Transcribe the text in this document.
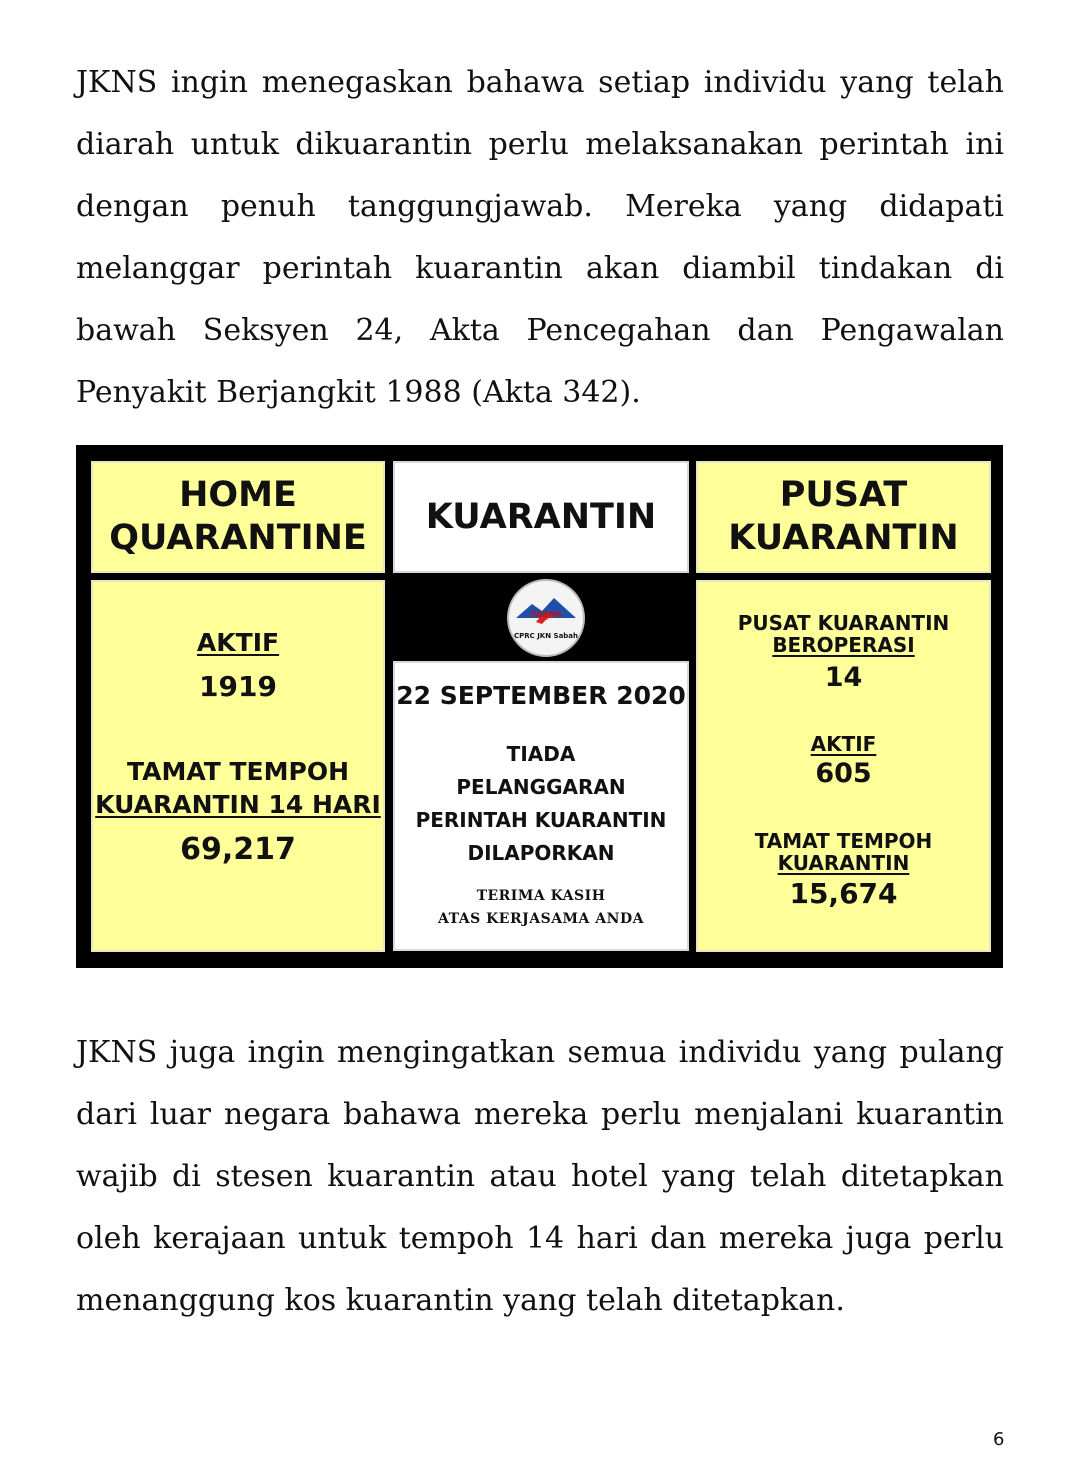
JKNS ingin menegaskan bahawa setiap individu yang telah diarah untuk dikuarantin perlu melaksanakan perintah ini dengan penuh tanggungjawab. Mereka yang didapati melanggar perintah kuarantin akan diambil tindakan di bawah Seksyen 24, Akta Pencegahan dan Pengawalan Penyakit Berjangkit 1988 (Akta 342).

HOME
QUARANTINE
KUARANTIN
PUSAT
KUARANTIN
AKTIF
1919
TAMAT TEMPOH
KUARANTIN 14 HARI
69,217
SABAH
CPRC JKN Sabah
22 SEPTEMBER 2020
TIADA
PELANGGARAN
PERINTAH KUARANTIN
DILAPORKAN
TERIMA KASIH
ATAS KERJASAMA ANDA
PUSAT KUARANTIN
BEROPERASI
14
AKTIF
605
TAMAT TEMPOH
KUARANTIN
15,674

JKNS juga ingin mengingatkan semua individu yang pulang dari luar negara bahawa mereka perlu menjalani kuarantin wajib di stesen kuarantin atau hotel yang telah ditetapkan oleh kerajaan untuk tempoh 14 hari dan mereka juga perlu menanggung kos kuarantin yang telah ditetapkan.

6
